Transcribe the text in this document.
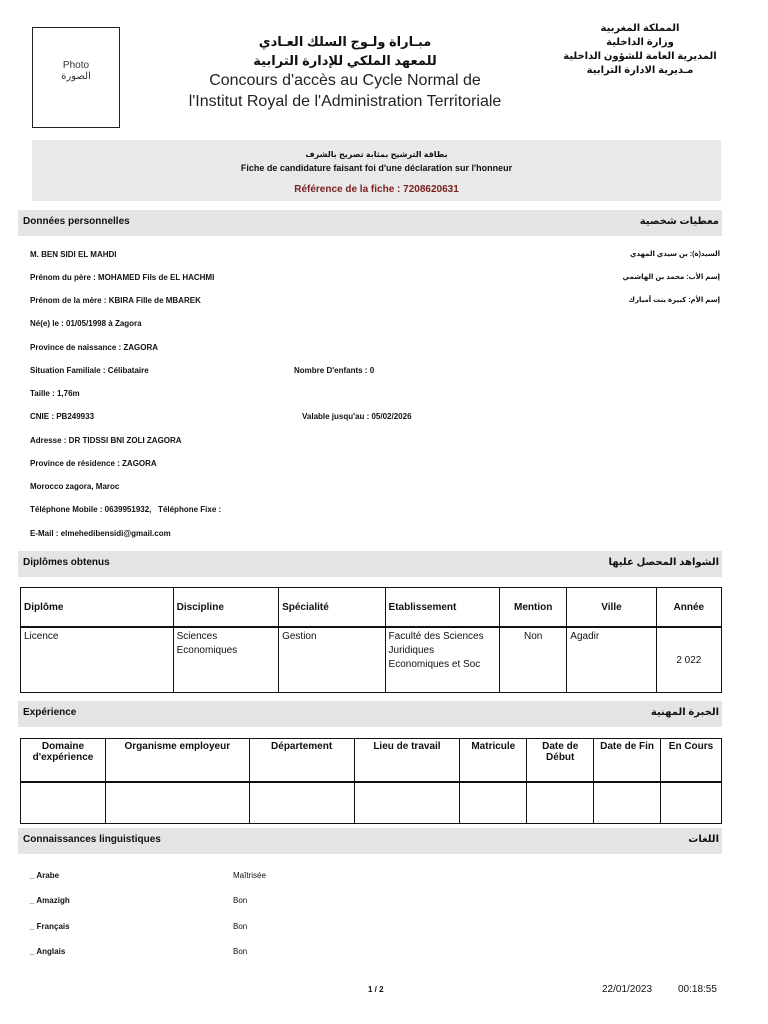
Photo
الصورة
مبـاراة ولـوج السلك العـادي
للمعهد الملكي للإدارة الترابية
Concours d'accès au Cycle Normal de
l'Institut Royal de l'Administration Territoriale
المملكة المغربية
وزارة الداخلية
المديرية العامة للشؤون الداخلية
مـديرية الادارة الترابية
بطاقة الترشيح بمثابة تصريح بالشرف
Fiche de candidature faisant foi d'une déclaration sur l'honneur
Référence de la fiche : 7208620631
Données personnelles	معطيات شخصية
M. BEN SIDI EL MAHDI
Prénom du père : MOHAMED Fils de EL HACHMI
Prénom de la mère : KBIRA Fille de MBAREK
Né(e) le : 01/05/1998 à Zagora
Province de naissance : ZAGORA
Situation Familiale : Célibataire	Nombre D'enfants : 0
Taille : 1,76m
CNIE : PB249933	Valable jusqu'au : 05/02/2026
Adresse : DR TIDSSI BNI ZOLI ZAGORA
Province de résidence : ZAGORA
Morocco zagora, Maroc
Téléphone Mobile : 0639951932,   Téléphone Fixe :
E-Mail : elmehedibensidi@gmail.com
السيد(ة): بن سيدي المهدي
إسم الأب: محمد بن الهاشمي
إسم الأم: كبيرة بنت أمبارك
Diplômes obtenus	الشواهد المحصل عليها
Diplôme	Discipline	Spécialité	Etablissement	Mention	Ville	Année
Licence	Sciences Economiques	Gestion	Faculté des Sciences Juridiques Economiques et Soc	Non	Agadir	2 022
Expérience	الخبرة المهنية
Domaine d'expérience	Organisme employeur	Département	Lieu de travail	Matricule	Date de Début	Date de Fin	En Cours

Connaissances linguistiques	اللغات
_ Arabe	Maîtrisée
_ Amazigh	Bon
_ Français	Bon
_ Anglais	Bon
1 / 2	22/01/2023	00:18:55
